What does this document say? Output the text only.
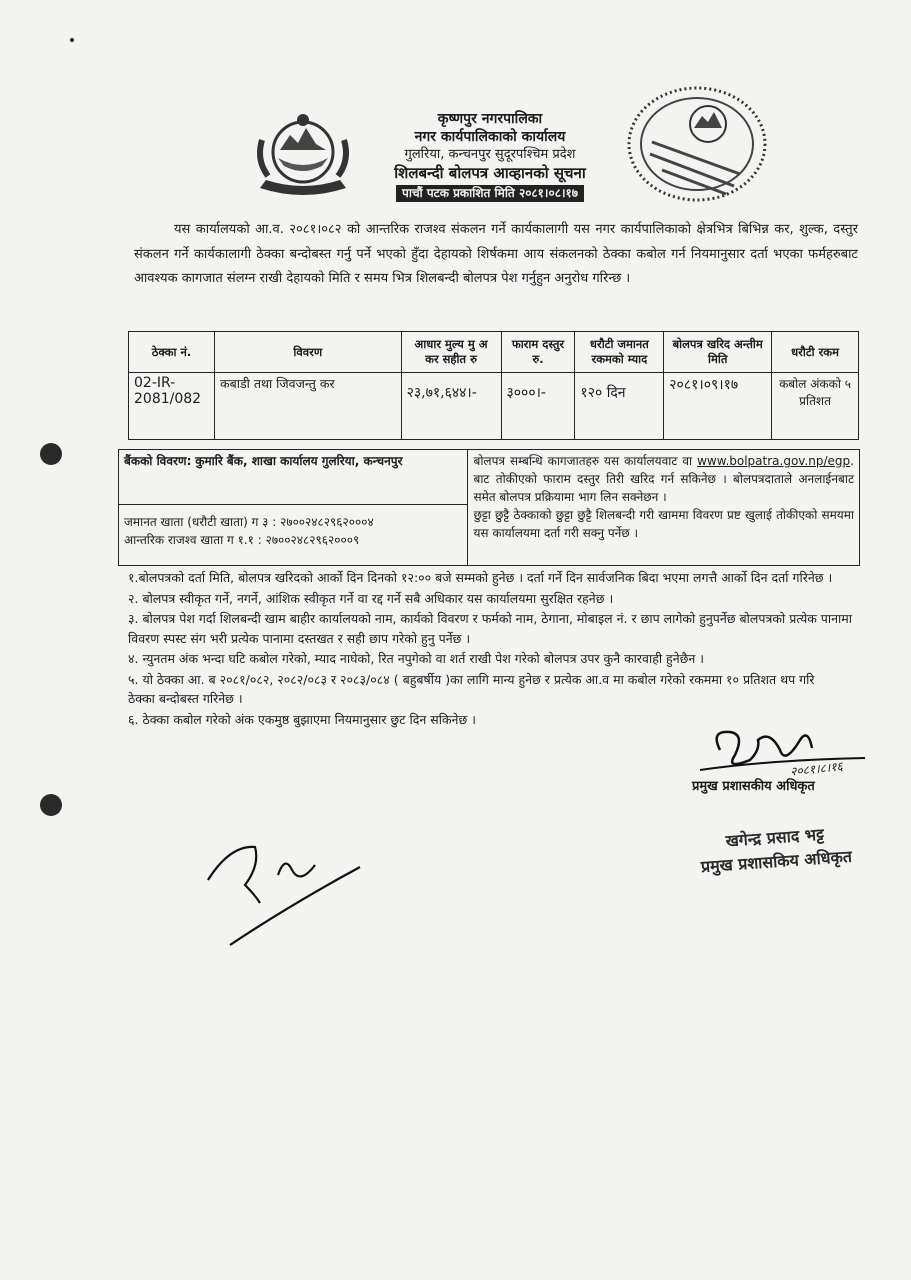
कृष्णपुर नगरपालिका
नगर कार्यपालिकाको कार्यालय
गुलरिया, कन्चनपुर सुदूरपश्चिम प्रदेश
शिलबन्दी बोलपत्र आव्हानको सूचना
पाचौं पटक प्रकाशित मिति २०८१।०८।१७
यस कार्यालयको आ.व. २०८१।०८२ को आन्तरिक राजश्व संकलन गर्ने कार्यकालागी यस नगर कार्यपालिकाको क्षेत्रभित्र बिभिन्न कर, शुल्क, दस्तुर संकलन गर्ने कार्यकालागी ठेक्का बन्दोबस्त गर्नु पर्ने भएको हुँदा देहायको शिर्षकमा आय संकलनको ठेक्का कबोल गर्न नियमानुसार दर्ता भएका फर्महरुबाट आवश्यक कागजात संलग्न राखी देहायको मिति र समय भित्र शिलबन्दी बोलपत्र पेश गर्नुहुन अनुरोध गरिन्छ ।
ठेक्का नं.	विवरण	आधार मुल्य मु अ कर सहीत रु	फाराम दस्तुर रु.	धरौटी जमानत रकमको म्याद	बोलपत्र खरिद अन्तीम मिति	धरौटी रकम
02-IR-2081/082	कबाडी तथा जिवजन्तु कर	२३,७१,६४४।-	३०००।-	१२० दिन	२०८१।०९।१७	कबोल अंकको ५ प्रतिशत
बैंकको विवरण: कुमारि बैंक, शाखा कार्यालय गुलरिया, कन्चनपुर	बोलपत्र सम्बन्धि कागजातहरु यस कार्यालयवाट वा www.bolpatra.gov.np/egp. बाट तोकीएको फाराम दस्तुर तिरी खरिद गर्न सकिनेछ । बोलपत्रदाताले अनलाईनबाट समेत बोलपत्र प्रक्रियामा भाग लिन सक्नेछन ।
छुट्टा छुट्टै ठेक्काको छुट्टा छुट्टै शिलबन्दी गरी खाममा विवरण प्रष्ट खुलाई तोकीएको समयमा यस कार्यालयमा दर्ता गरी सक्नु पर्नेछ ।

जमानत खाता (धरौटी खाता) ग ३ : २७००२४८२९६२०००४
आन्तरिक राजश्व खाता ग १.१ : २७००२४८२९६२०००९

१.बोलपत्रको दर्ता मिति, बोलपत्र खरिदको आर्को दिन दिनको १२:०० बजे सम्मको हुनेछ । दर्ता गर्ने दिन सार्वजनिक बिदा भएमा लगत्तै आर्को दिन दर्ता गरिनेछ ।

२. बोलपत्र स्वीकृत गर्ने, नगर्ने, आंशिक स्वीकृत गर्ने वा रद्द गर्ने सबै अधिकार यस कार्यालयमा सुरक्षित रहनेछ ।

३. बोलपत्र पेश गर्दा शिलबन्दी खाम बाहीर कार्यालयको नाम, कार्यको विवरण र फर्मको नाम, ठेगाना, मोबाइल नं. र छाप लागेको हुनुपर्नेछ बोलपत्रको प्रत्येक पानामा विवरण स्पस्ट संग भरी प्रत्येक पानामा दस्तखत र सही छाप गरेको हुनु पर्नेछ ।

४. न्युनतम अंक भन्दा घटि कबोल गरेको, म्याद नाघेको, रित नपुगेको वा शर्त राखी पेश गरेको बोलपत्र उपर कुनै कारवाही हुनेछैन ।

५. यो ठेक्का आ. ब २०८१/०८२, २०८२/०८३ र २०८३/०८४ ( बहुबर्षीय )का लागि मान्य हुनेछ र प्रत्येक आ.व मा कबोल गरेको रकममा १० प्रतिशत थप गरि ठेक्का बन्दोबस्त गरिनेछ ।

६. ठेक्का कबोल गरेको अंक एकमुष्ठ बुझाएमा नियमानुसार छुट दिन सकिनेछ ।

२०८१।८।१६
प्रमुख प्रशासकीय अधिकृत
खगेन्द्र प्रसाद भट्ट
प्रमुख प्रशासकिय अधिकृत
